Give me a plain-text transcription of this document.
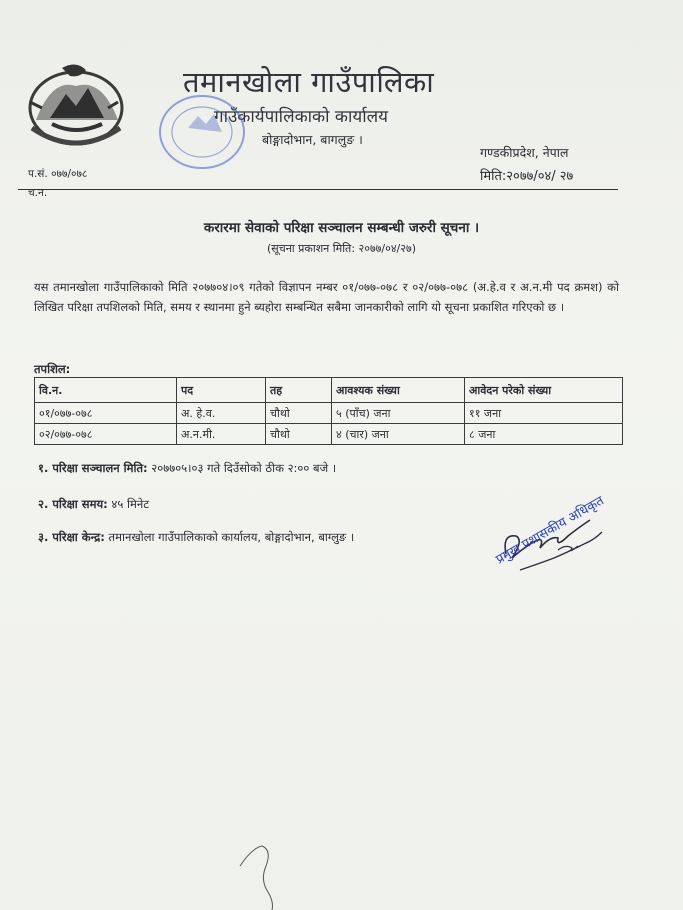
तमानखोला गाउँपालिका
गाउँकार्यपालिकाको कार्यालय
बोङ्गादोभान, बागलुङ ।
गण्डकीप्रदेश, नेपाल
मिति:२०७७/०४/ २७
प.सं. ०७७/०७८
च.न.
करारमा सेवाको परिक्षा सञ्चालन सम्बन्धी जरुरी सूचना ।
(सूचना प्रकाशन मिति: २०७७/०४/२७)
यस तमानखोला गाउँपालिकाको मिति २०७७०४।०९ गतेको विज्ञापन नम्बर ०१/०७७-०७८ र ०२/०७७-०७८ (अ.हे.व र अ.न.मी पद क्रमश) को लिखित परिक्षा तपशिलको मिति, समय र स्थानमा हुने ब्यहोरा सम्बन्धित सबैमा जानकारीको लागि यो सूचना प्रकाशित गरिएको छ ।
तपशिल:
वि.न.	पद	तह	आवश्यक संख्या	आवेदन परेको संख्या
०१/०७७-०७८	अ. हे.व.	चौथो	५ (पाँच) जना	११ जना
०२/०७७-०७८	अ.न.मी.	चौथो	४ (चार) जना	८ जना
१. परिक्षा सञ्चालन मिति: २०७७०५।०३ गते दिउँसोको ठीक २:०० बजे ।
२. परिक्षा समय: ४५ मिनेट
३. परिक्षा केन्द्र: तमानखोला गाउँपालिकाको कार्यालय, बोङ्गादोभान, बाग्लुङ ।	प्रमुख प्रशासकीय अधिकृत
